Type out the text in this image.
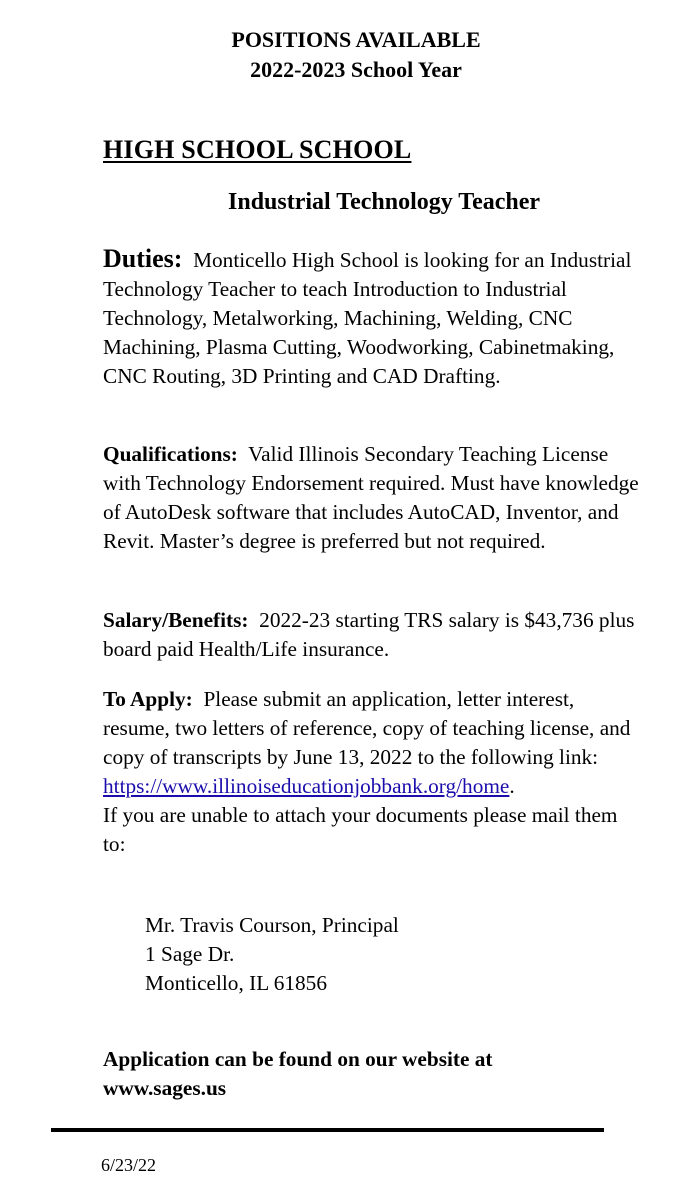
POSITIONS AVAILABLE
2022-2023 School Year
HIGH SCHOOL SCHOOL
Industrial Technology Teacher
Duties: Monticello High School is looking for an Industrial Technology Teacher to teach Introduction to Industrial Technology, Metalworking, Machining, Welding, CNC Machining, Plasma Cutting, Woodworking, Cabinetmaking, CNC Routing, 3D Printing and CAD Drafting.
Qualifications: Valid Illinois Secondary Teaching License with Technology Endorsement required. Must have knowledge of AutoDesk software that includes AutoCAD, Inventor, and Revit. Master’s degree is preferred but not required.
Salary/Benefits: 2022-23 starting TRS salary is $43,736 plus board paid Health/Life insurance.
To Apply: Please submit an application, letter interest, resume, two letters of reference, copy of teaching license, and copy of transcripts by June 13, 2022 to the following link:
https://www.illinoiseducationjobbank.org/home.
If you are unable to attach your documents please mail them to:
Mr. Travis Courson, Principal
1 Sage Dr.
Monticello, IL 61856
Application can be found on our website at
www.sages.us
6/23/22
